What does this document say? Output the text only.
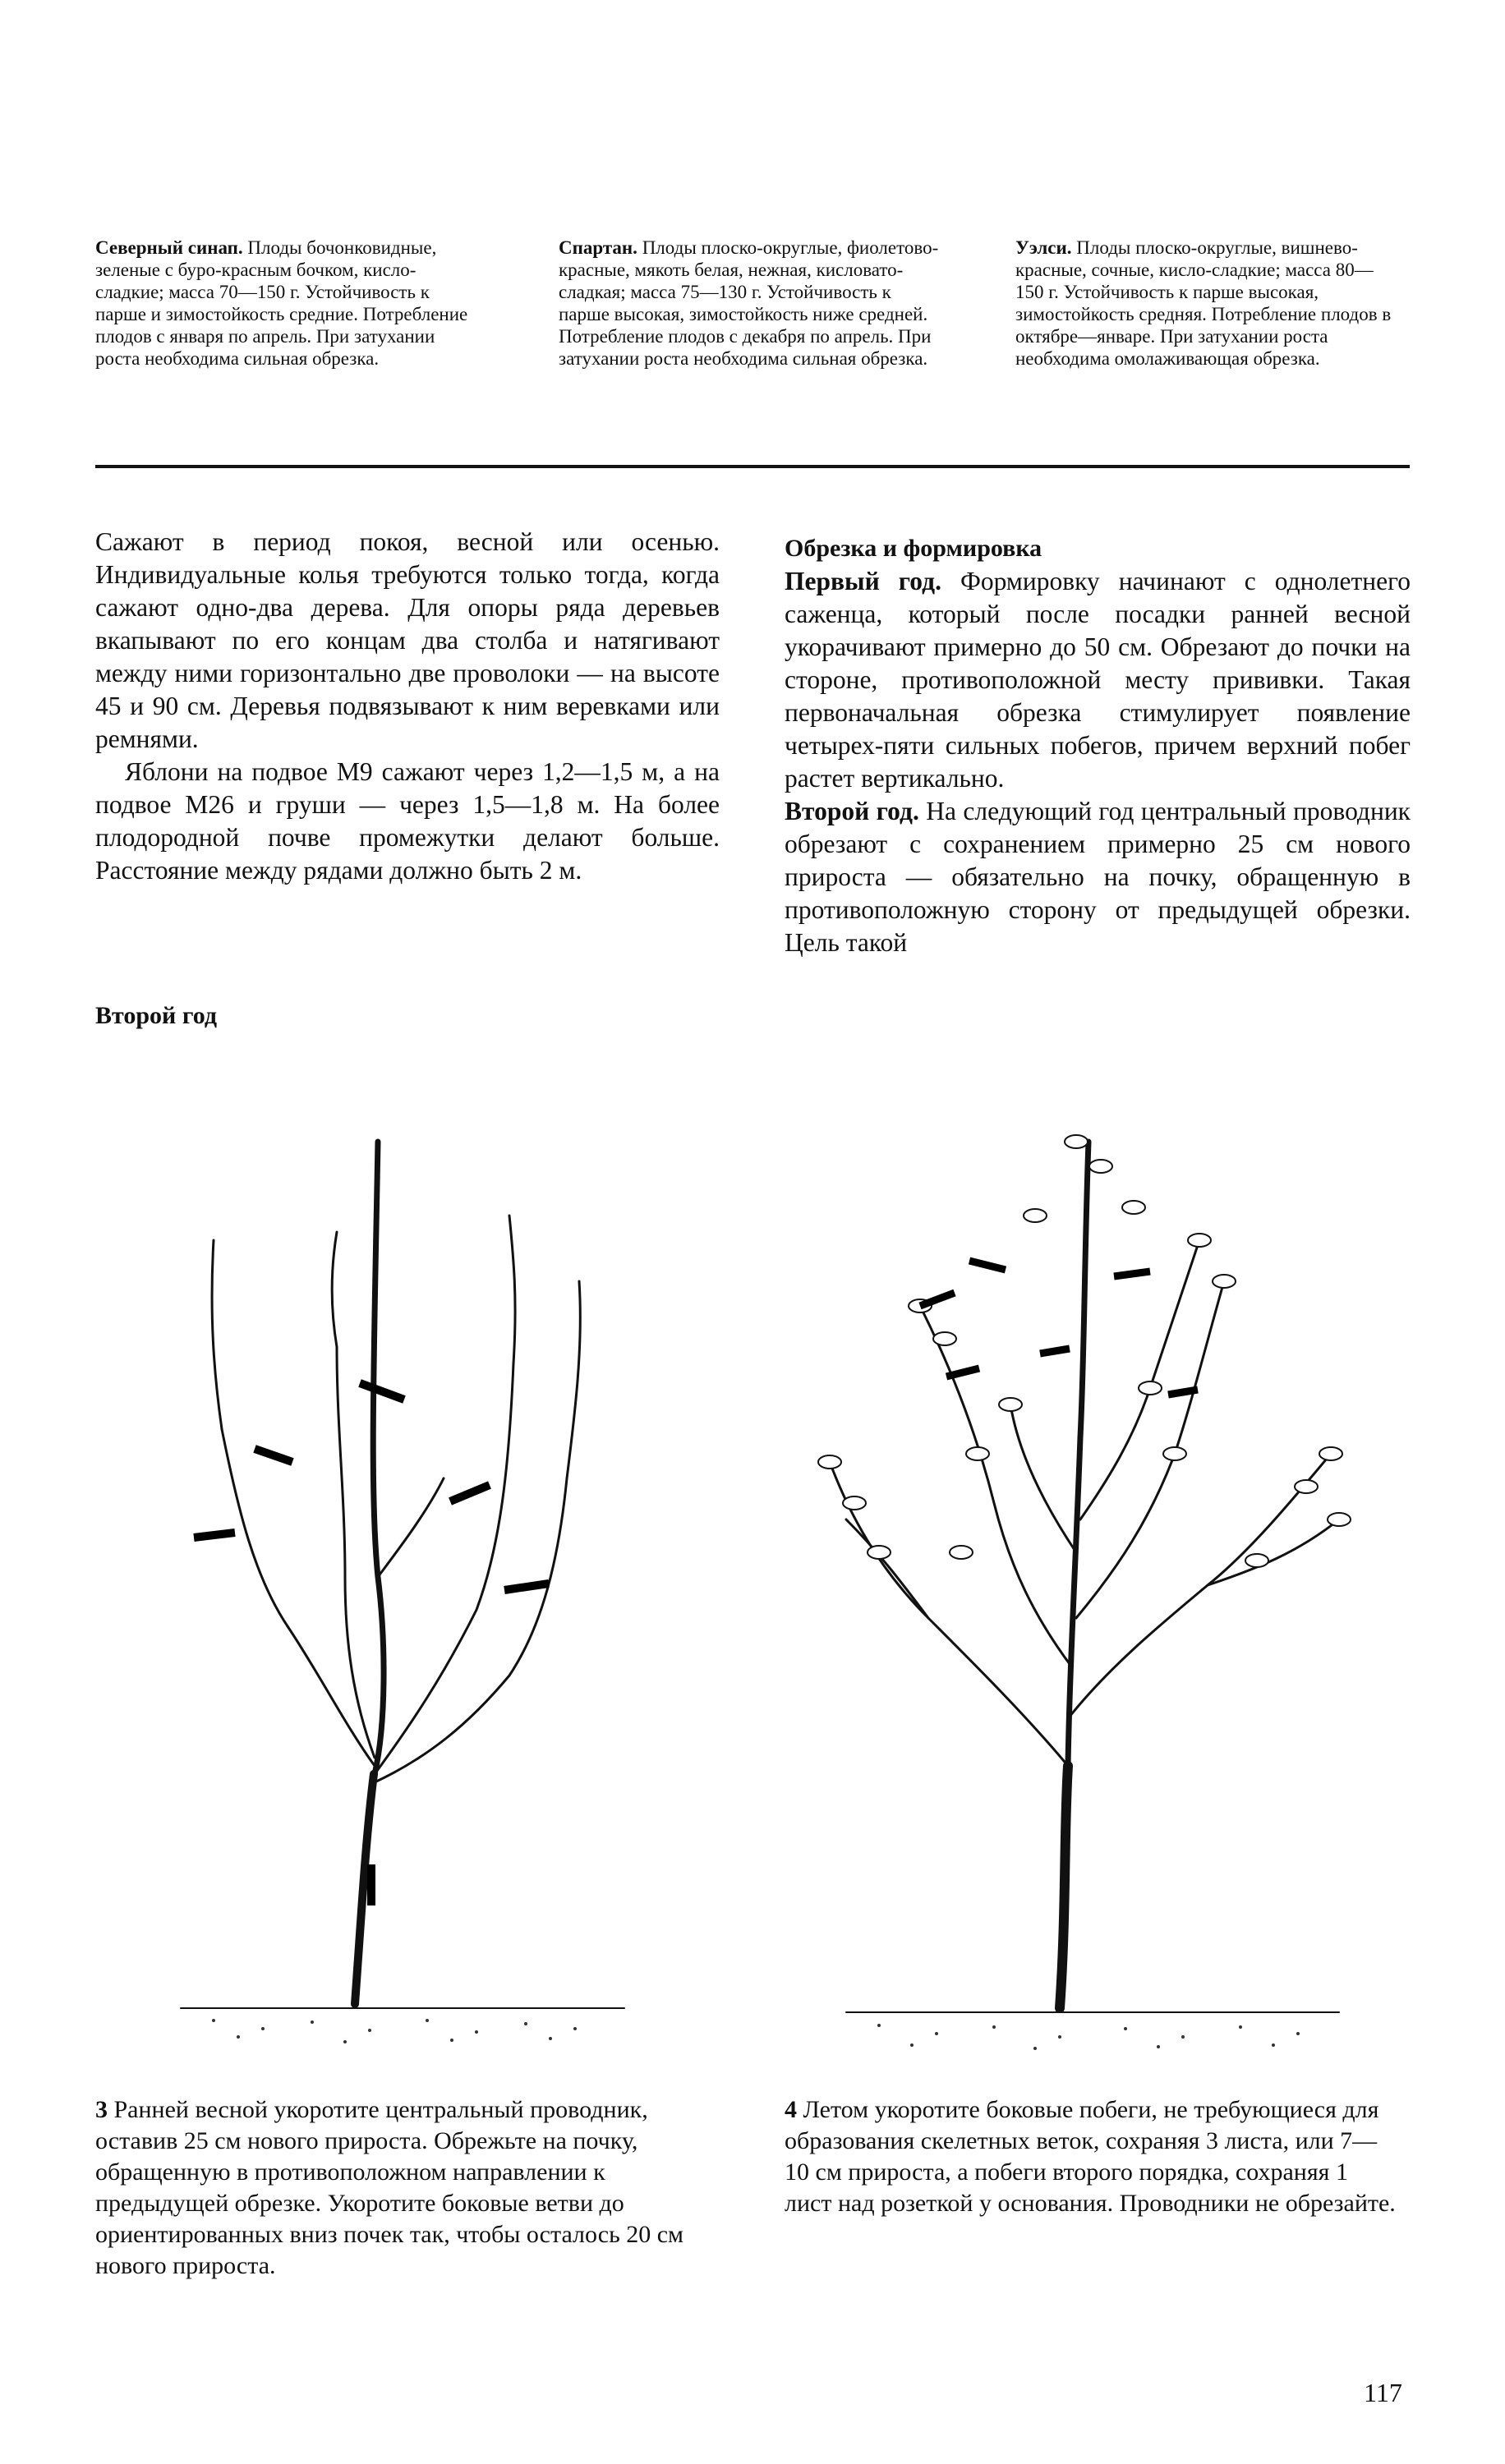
Северный синап. Плоды бочонковидные, зеленые с буро-красным бочком, кисло-сладкие; масса 70—150 г. Устойчивость к парше и зимостойкость средние. Потребление плодов с января по апрель. При затухании роста необходима сильная обрезка.
Спартан. Плоды плоско-округлые, фиолетово-красные, мякоть белая, нежная, кисловато-сладкая; масса 75—130 г. Устойчивость к парше высокая, зимостойкость ниже средней. Потребление плодов с декабря по апрель. При затухании роста необходима сильная обрезка.
Уэлси. Плоды плоско-округлые, вишнево-красные, сочные, кисло-сладкие; масса 80—150 г. Устойчивость к парше высокая, зимостойкость средняя. Потребление плодов в октябре—январе. При затухании роста необходима омолаживающая обрезка.

Сажают в период покоя, весной или осенью. Индивидуальные колья требуются только тогда, когда сажают одно-два дерева. Для опоры ряда деревьев вкапывают по его концам два столба и натягивают между ними горизонтально две проволоки — на высоте 45 и 90 см. Деревья подвязывают к ним веревками или ремнями.

Яблони на подвое М9 сажают через 1,2—1,5 м, а на подвое М26 и груши — через 1,5—1,8 м. На более плодородной почве промежутки делают больше. Расстояние между рядами должно быть 2 м.

Второй год

Обрезка и формировка

Первый год. Формировку начинают с однолетнего саженца, который после посадки ранней весной укорачивают примерно до 50 см. Обрезают до почки на стороне, противоположной месту прививки. Такая первоначальная обрезка стимулирует появление четырех-пяти сильных побегов, причем верхний побег растет вертикально.

Второй год. На следующий год центральный проводник обрезают с сохранением примерно 25 см нового прироста — обязательно на почку, обращенную в противоположную сторону от предыдущей обрезки. Цель такой

3 Ранней весной укоротите центральный проводник, оставив 25 см нового прироста. Обрежьте на почку, обращенную в противоположном направлении к предыдущей обрезке. Укоротите боковые ветви до ориентированных вниз почек так, чтобы осталось 20 см нового прироста.
4 Летом укоротите боковые побеги, не требующиеся для образования скелетных веток, сохраняя 3 листа, или 7—10 см прироста, а побеги второго порядка, сохраняя 1 лист над розеткой у основания. Проводники не обрезайте.
117
